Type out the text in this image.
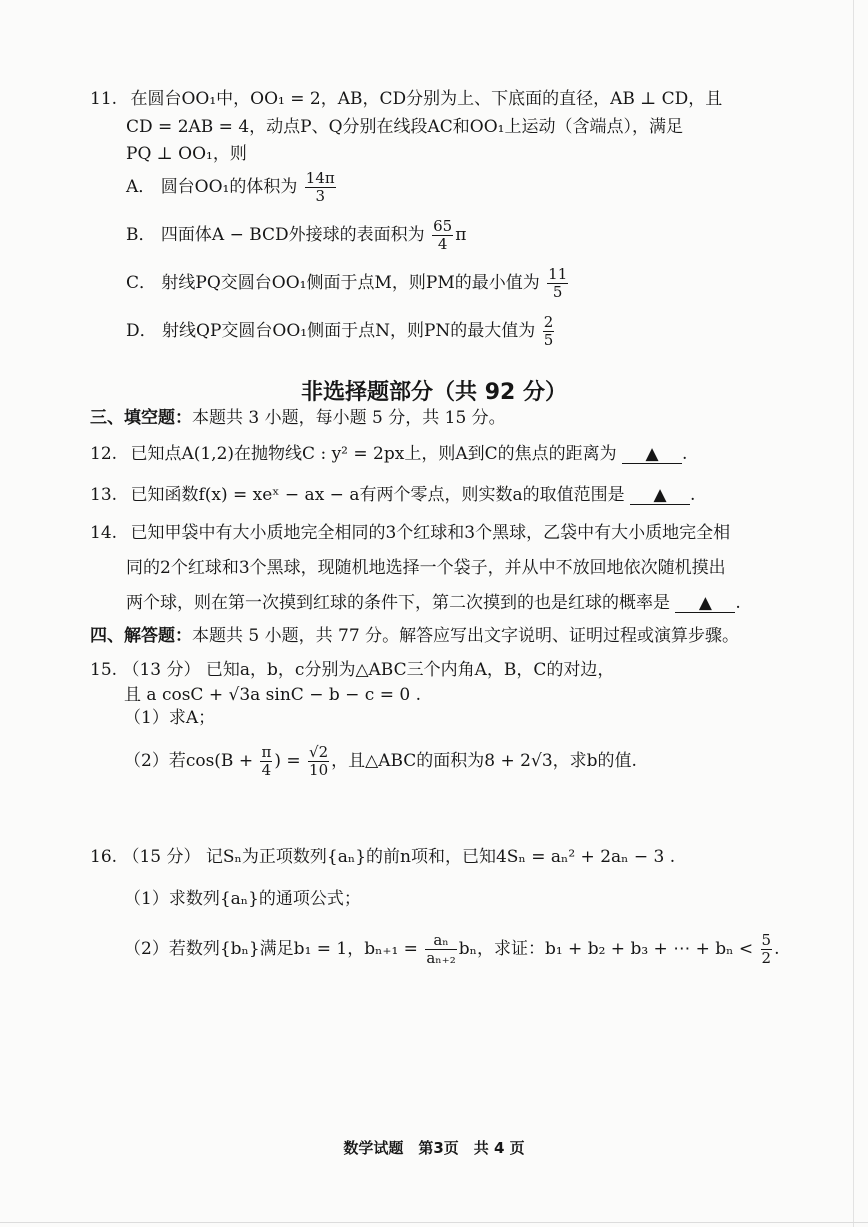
11. 在圆台OO₁中，OO₁ = 2，AB，CD分别为上、下底面的直径，AB ⊥ CD，且
CD = 2AB = 4，动点P、Q分别在线段AC和OO₁上运动（含端点），满足
PQ ⊥ OO₁，则
A． 圆台OO₁的体积为 $\frac{14\pi}{3}$
B． 四面体A − BCD外接球的表面积为 $\frac{65}{4}$ π
C． 射线PQ交圆台OO₁侧面于点M，则PM的最小值为 $\frac{11}{5}$
D． 射线QP交圆台OO₁侧面于点N，则PN的最大值为 $\frac{2}{5}$
非选择题部分（共 92 分）
三、填空题：本题共 3 小题，每小题 5 分，共 15 分。
12. 已知点A(1,2)在抛物线C : y² = 2px上，则A到C的焦点的距离为 ▲ .
13. 已知函数f(x) = xeˣ − ax − a有两个零点，则实数a的取值范围是 ▲ .
14. 已知甲袋中有大小质地完全相同的3个红球和3个黑球，乙袋中有大小质地完全相
同的2个红球和3个黑球，现随机地选择一个袋子，并从中不放回地依次随机摸出
两个球，则在第一次摸到红球的条件下，第二次摸到的也是红球的概率是 ▲ .
四、解答题：本题共 5 小题，共 77 分。解答应写出文字说明、证明过程或演算步骤。
15. （13 分） 已知a，b，c分别为△ABC三个内角A，B，C的对边，
且 a cosC + √3a sinC − b − c = 0 .
（1）求A；
（2）若$\cos(B + \frac{\pi}{4}$ ) = $\frac{√2}{10}$ ，且△ABC的面积为8 + 2√3，求b的值.
16. （15 分） 记Sₙ为正项数列{aₙ}的前n项和，已知4Sₙ = aₙ² + 2aₙ − 3 .
（1）求数列{aₙ}的通项公式；
（2）若数列{bₙ}满足b₁ = 1，$b_{n+1} = \frac{\text{aₙ}}{\text{aₙ₊₂}}$ bₙ，求证：b₁ + b₂ + b₃ + ⋯ + $b_n < \frac{5}{2}$ .
数学试题　第3页　共 4 页
